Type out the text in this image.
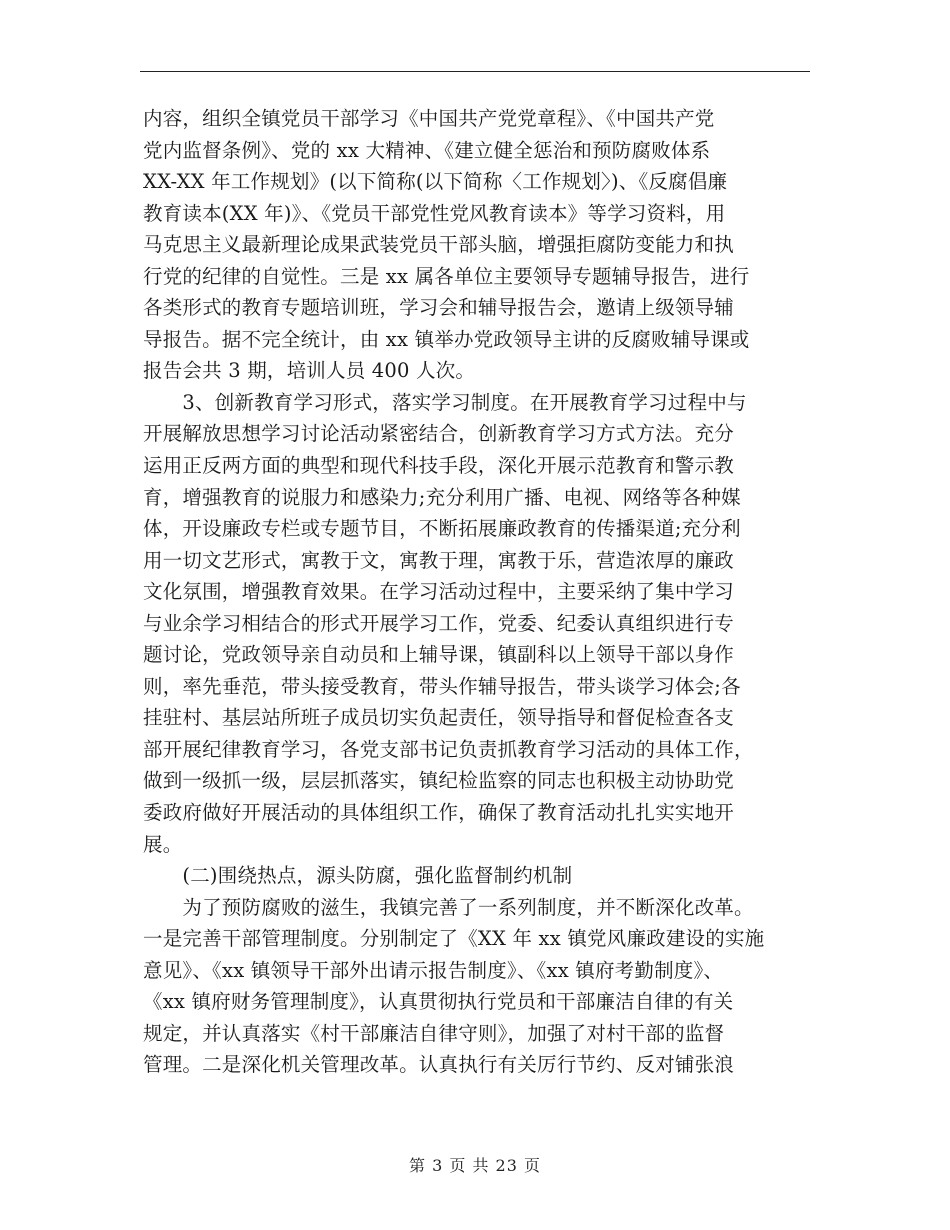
内容，组织全镇党员干部学习《中国共产党党章程》、《中国共产党
党内监督条例》、党的 xx 大精神、《建立健全惩治和预防腐败体系
XX-XX 年工作规划》(以下简称(以下简称〈工作规划〉)、《反腐倡廉
教育读本(XX 年)》、《党员干部党性党风教育读本》等学习资料，用
马克思主义最新理论成果武装党员干部头脑，增强拒腐防变能力和执
行党的纪律的自觉性。三是 xx 属各单位主要领导专题辅导报告，进行
各类形式的教育专题培训班，学习会和辅导报告会，邀请上级领导辅
导报告。据不完全统计，由 xx 镇举办党政领导主讲的反腐败辅导课或
报告会共 3 期，培训人员 400 人次。
　　3、创新教育学习形式，落实学习制度。在开展教育学习过程中与
开展解放思想学习讨论活动紧密结合，创新教育学习方式方法。充分
运用正反两方面的典型和现代科技手段，深化开展示范教育和警示教
育，增强教育的说服力和感染力;充分利用广播、电视、网络等各种媒
体，开设廉政专栏或专题节目，不断拓展廉政教育的传播渠道;充分利
用一切文艺形式，寓教于文，寓教于理，寓教于乐，营造浓厚的廉政
文化氛围，增强教育效果。在学习活动过程中，主要采纳了集中学习
与业余学习相结合的形式开展学习工作，党委、纪委认真组织进行专
题讨论，党政领导亲自动员和上辅导课，镇副科以上领导干部以身作
则，率先垂范，带头接受教育，带头作辅导报告，带头谈学习体会;各
挂驻村、基层站所班子成员切实负起责任，领导指导和督促检查各支
部开展纪律教育学习，各党支部书记负责抓教育学习活动的具体工作，
做到一级抓一级，层层抓落实，镇纪检监察的同志也积极主动协助党
委政府做好开展活动的具体组织工作，确保了教育活动扎扎实实地开
展。
　　(二)围绕热点，源头防腐，强化监督制约机制
　　为了预防腐败的滋生，我镇完善了一系列制度，并不断深化改革。
一是完善干部管理制度。分别制定了《XX 年 xx 镇党风廉政建设的实施
意见》、《xx 镇领导干部外出请示报告制度》、《xx 镇府考勤制度》、
《xx 镇府财务管理制度》，认真贯彻执行党员和干部廉洁自律的有关
规定，并认真落实《村干部廉洁自律守则》，加强了对村干部的监督
管理。二是深化机关管理改革。认真执行有关厉行节约、反对铺张浪
第 3 页 共 23 页
